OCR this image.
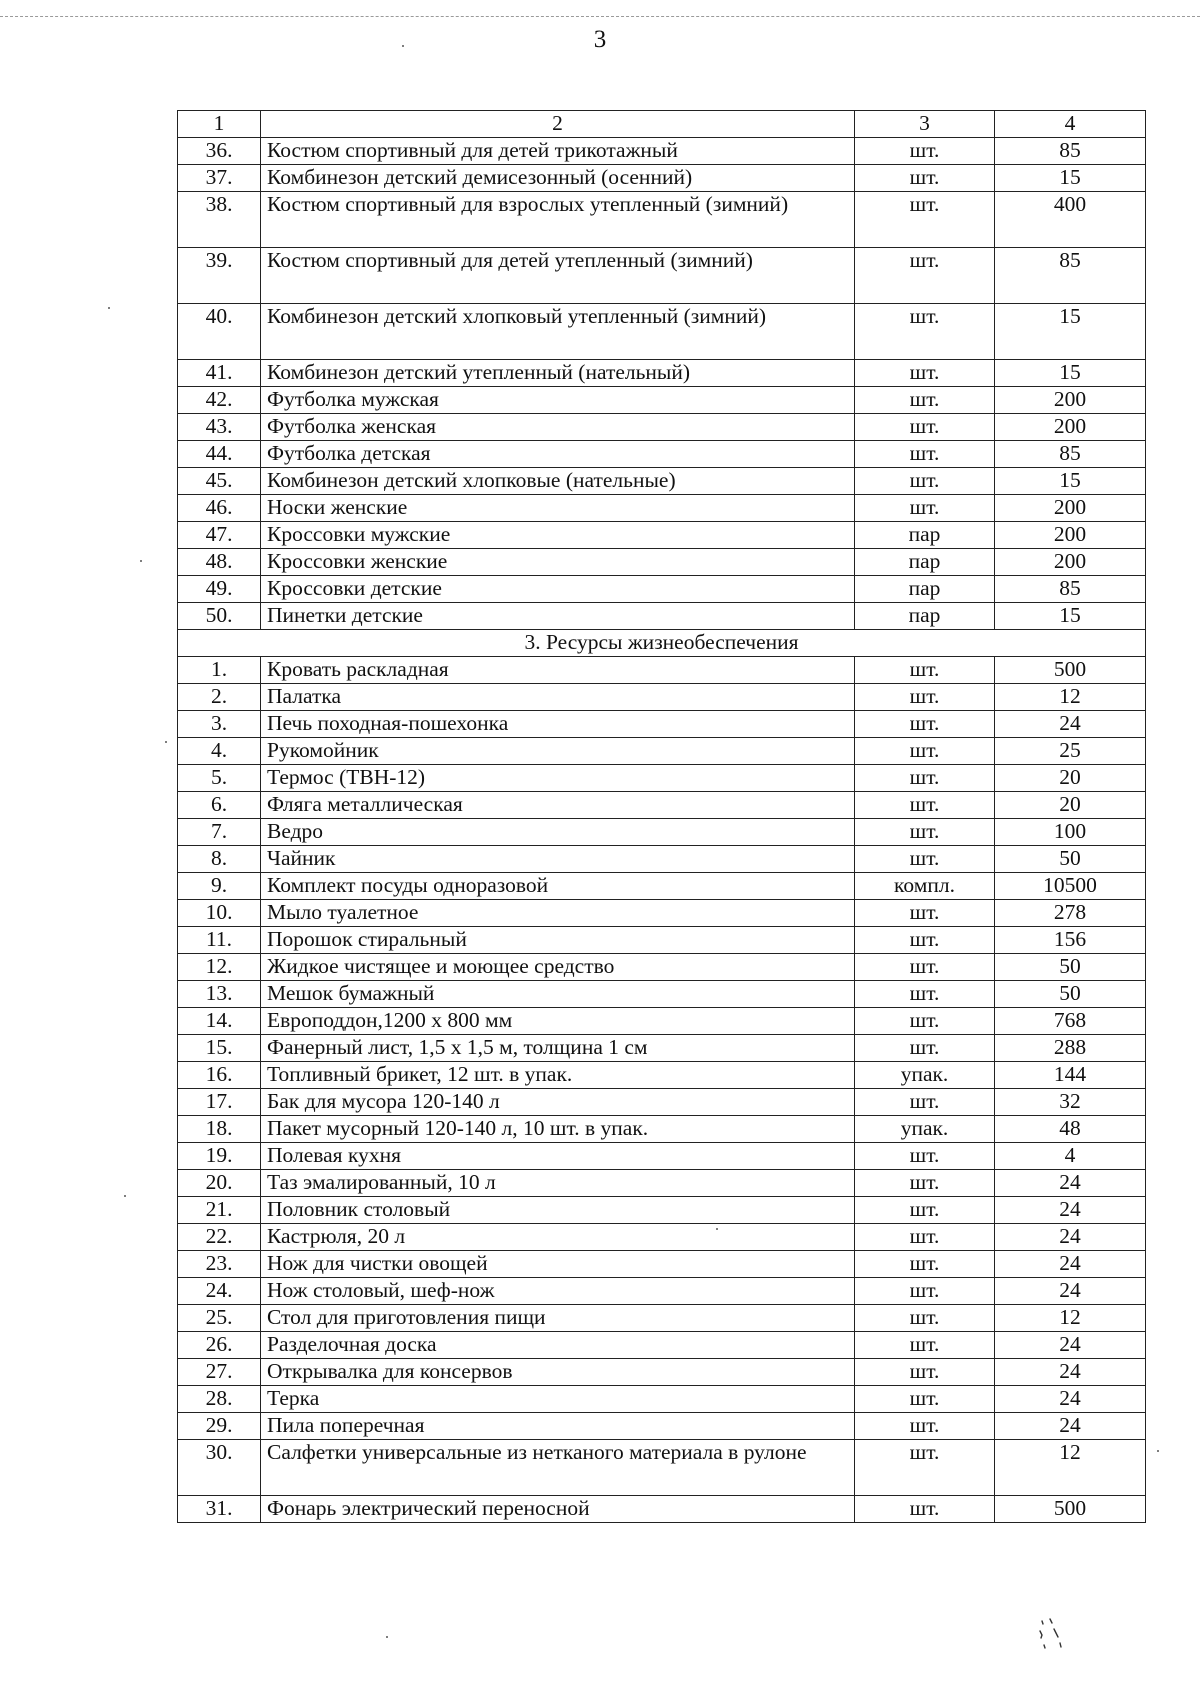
3
1	2	3	4
36.	Костюм спортивный для детей трикотажный	шт.	85
37.	Комбинезон детский демисезонный (осенний)	шт.	15
38.	Костюм спортивный для взрослых утепленный (зимний)	шт.	400
39.	Костюм спортивный для детей утепленный (зимний)	шт.	85
40.	Комбинезон детский хлопковый утепленный (зимний)	шт.	15
41.	Комбинезон детский утепленный (нательный)	шт.	15
42.	Футболка мужская	шт.	200
43.	Футболка женская	шт.	200
44.	Футболка детская	шт.	85
45.	Комбинезон детский хлопковые (нательные)	шт.	15
46.	Носки женские	шт.	200
47.	Кроссовки мужские	пар	200
48.	Кроссовки женские	пар	200
49.	Кроссовки детские	пар	85
50.	Пинетки детские	пар	15
3. Ресурсы жизнеобеспечения			
1.	Кровать раскладная	шт.	500
2.	Палатка	шт.	12
3.	Печь походная-пошехонка	шт.	24
4.	Рукомойник	шт.	25
5.	Термос (ТВН-12)	шт.	20
6.	Фляга металлическая	шт.	20
7.	Ведро	шт.	100
8.	Чайник	шт.	50
9.	Комплект посуды одноразовой	компл.	10500
10.	Мыло туалетное	шт.	278
11.	Порошок стиральный	шт.	156
12.	Жидкое чистящее и моющее средство	шт.	50
13.	Мешок бумажный	шт.	50
14.	Европоддон,1200 х 800 мм	шт.	768
15.	Фанерный лист, 1,5 х 1,5 м, толщина 1 см	шт.	288
16.	Топливный брикет, 12 шт. в упак.	упак.	144
17.	Бак для мусора 120-140 л	шт.	32
18.	Пакет мусорный 120-140 л, 10 шт. в упак.	упак.	48
19.	Полевая кухня	шт.	4
20.	Таз эмалированный, 10 л	шт.	24
21.	Половник столовый	шт.	24
22.	Кастрюля, 20 л	шт.	24
23.	Нож для чистки овощей	шт.	24
24.	Нож столовый, шеф-нож	шт.	24
25.	Стол для приготовления пищи	шт.	12
26.	Разделочная доска	шт.	24
27.	Открывалка для консервов	шт.	24
28.	Терка	шт.	24
29.	Пила поперечная	шт.	24
30.	Салфетки универсальные из нетканого материала в рулоне	шт.	12
31.	Фонарь электрический переносной	шт.	500
